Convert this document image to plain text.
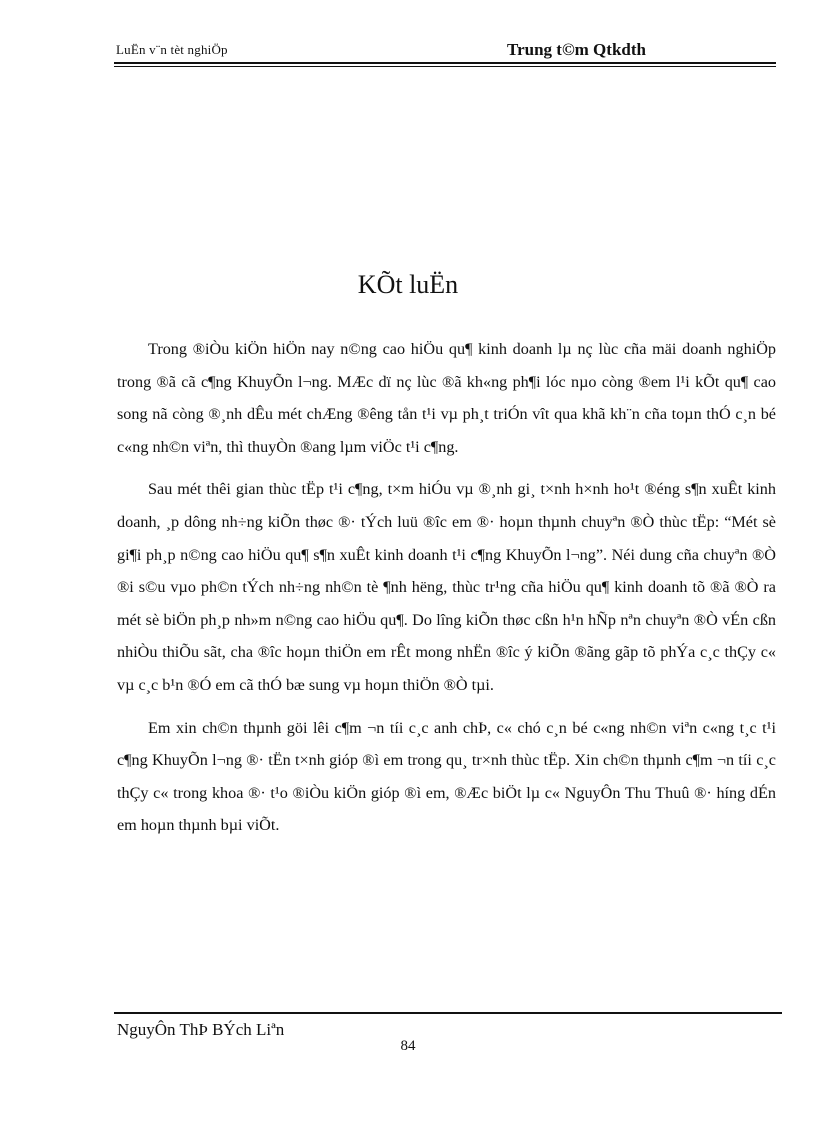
LuËn v¨n tèt nghiÖp	Trung t©m Qtkdth
KÕt luËn

Trong ®iÒu kiÖn hiÖn nay n©ng cao hiÖu qu¶ kinh doanh lµ nç lùc cña mäi doanh nghiÖp trong ®ã cã c¶ng KhuyÕn l¬ng. MÆc dï nç lùc ®ã kh«ng ph¶i lóc nµo còng ®em l¹i kÕt qu¶ cao song nã còng ®¸nh dÊu mét chÆng ®êng tån t¹i vµ ph¸t triÓn vît qua khã kh¨n cña toµn thÓ c¸n bé c«ng nh©n viªn, thì thuyÒn ®ang lµm viÖc t¹i c¶ng.

Sau mét thêi gian thùc tËp t¹i c¶ng, t×m hiÓu vµ ®¸nh gi¸ t×nh h×nh ho¹t ®éng s¶n xuÊt kinh doanh, ¸p dông nh÷ng kiÕn thøc ®· tÝch luü ®îc em ®· hoµn thµnh chuyªn ®Ò thùc tËp: “Mét sè gi¶i ph¸p n©ng cao hiÖu qu¶ s¶n xuÊt kinh doanh t¹i c¶ng KhuyÕn l¬ng”. Néi dung cña chuyªn ®Ò ®i s©u vµo ph©n tÝch nh÷ng nh©n tè ¶nh hëng, thùc tr¹ng cña hiÖu qu¶ kinh doanh tõ ®ã ®Ò ra mét sè biÖn ph¸p nh»m n©ng cao hiÖu qu¶. Do lîng kiÕn thøc cßn h¹n hÑp nªn chuyªn ®Ò vÉn cßn nhiÒu thiÕu sãt, cha ®îc hoµn thiÖn em rÊt mong nhËn ®îc ý kiÕn ®ãng gãp tõ phÝa c¸c thÇy c« vµ c¸c b¹n ®Ó em cã thÓ bæ sung vµ hoµn thiÖn ®Ò tµi.

Em xin ch©n thµnh göi lêi c¶m ¬n tíi c¸c anh chÞ, c« chó c¸n bé c«ng nh©n viªn c«ng t¸c t¹i c¶ng KhuyÕn l¬ng ®· tËn t×nh gióp ®ì em trong qu¸ tr×nh thùc tËp. Xin ch©n thµnh c¶m ¬n tíi c¸c thÇy c« trong khoa ®· t¹o ®iÒu kiÖn gióp ®ì em, ®Æc biÖt lµ c« NguyÔn Thu Thuû ®· híng dÉn em hoµn thµnh bµi viÕt.

NguyÔn ThÞ BÝch Liªn
84
